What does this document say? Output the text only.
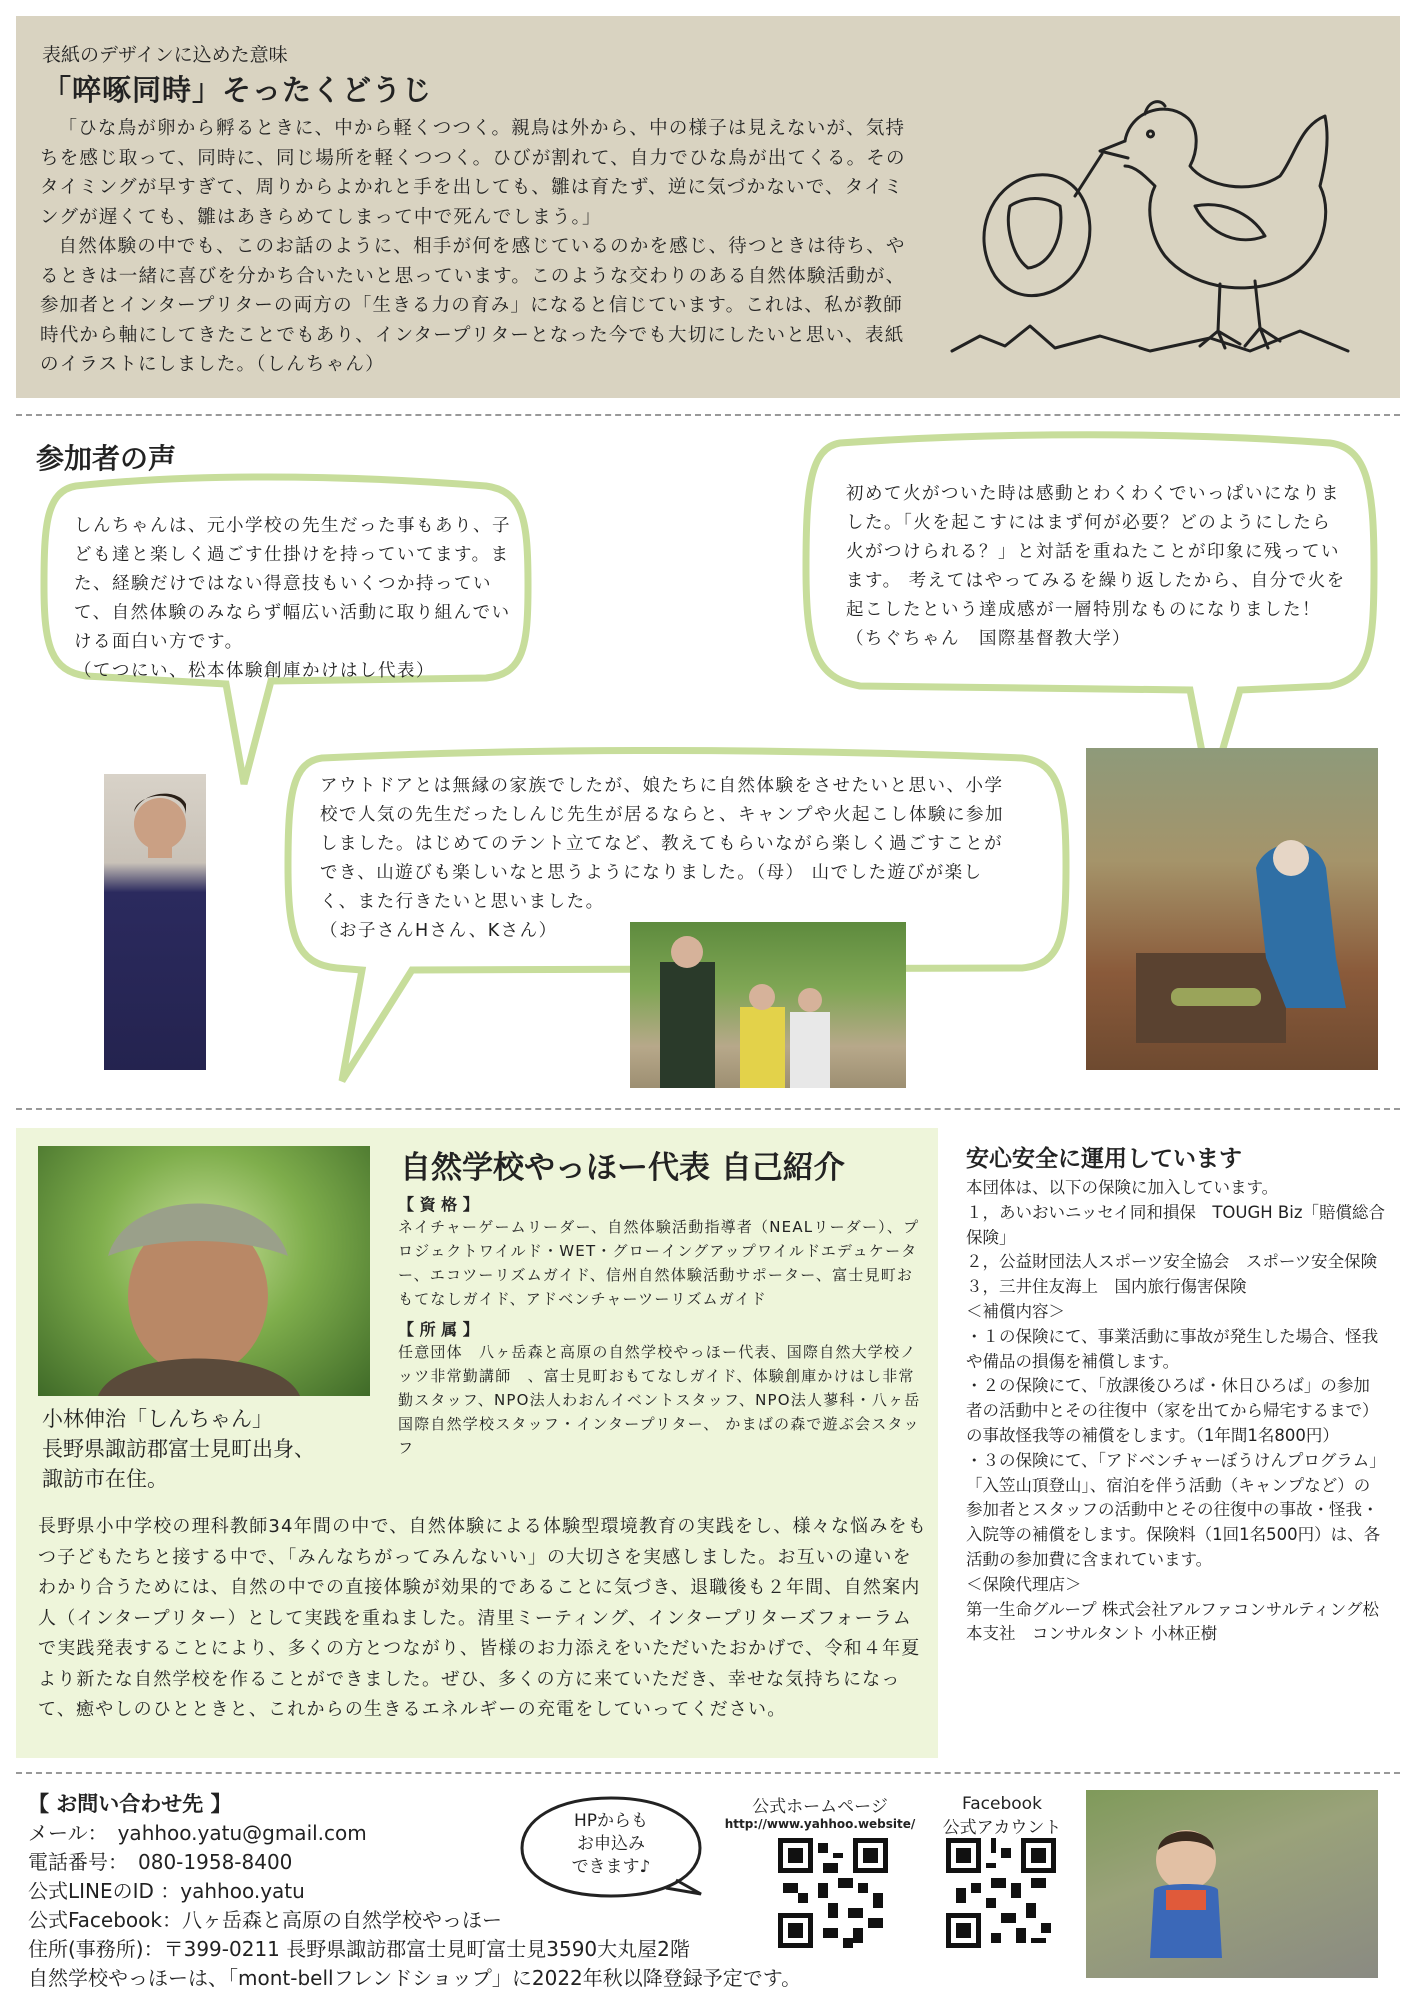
表紙のデザインに込めた意味
「啐啄同時」そったくどうじ

「ひな鳥が卵から孵るときに、中から軽くつつく。親鳥は外から、中の様子は見えないが、気持ちを感じ取って、同時に、同じ場所を軽くつつく。ひびが割れて、自力でひな鳥が出てくる。そのタイミングが早すぎて、周りからよかれと手を出しても、雛は育たず、逆に気づかないで、タイミングが遅くても、雛はあきらめてしまって中で死んでしまう。」

自然体験の中でも、このお話のように、相手が何を感じているのかを感じ、待つときは待ち、やるときは一緒に喜びを分かち合いたいと思っています。このような交わりのある自然体験活動が、参加者とインタープリターの両方の「生きる力の育み」になると信じています。これは、私が教師時代から軸にしてきたことでもあり、インタープリターとなった今でも大切にしたいと思い、表紙のイラストにしました。（しんちゃん）

参加者の声
しんちゃんは、元小学校の先生だった事もあり、子ども達と楽しく過ごす仕掛けを持っていてます。また、経験だけではない得意技もいくつか持っていて、自然体験のみならず幅広い活動に取り組んでいける面白い方です。
（てつにい、松本体験創庫かけはし代表）
初めて火がついた時は感動とわくわくでいっぱいになりました。「火を起こすにはまず何が必要？どのようにしたら火がつけられる？」と対話を重ねたことが印象に残っています。 考えてはやってみるを繰り返したから、自分で火を起こしたという達成感が一層特別なものになりました！
（ちぐちゃん　国際基督教大学）
アウトドアとは無縁の家族でしたが、娘たちに自然体験をさせたいと思い、小学校で人気の先生だったしんじ先生が居るならと、キャンプや火起こし体験に参加しました。はじめてのテント立てなど、教えてもらいながら楽しく過ごすことができ、山遊びも楽しいなと思うようになりました。（母） 山でした遊びが楽しく、また行きたいと思いました。
（お子さんHさん、Kさん）
自然学校やっほー代表 自己紹介
【 資 格 】
ネイチャーゲームリーダー、自然体験活動指導者（NEALリーダー）、プロジェクトワイルド・WET・グローイングアップワイルドエデュケーター、エコツーリズムガイド、信州自然体験活動サポーター、富士見町おもてなしガイド、アドベンチャーツーリズムガイド
【 所 属 】
任意団体　八ヶ岳森と高原の自然学校やっほー代表、国際自然大学校ノッツ非常勤講師　、富士見町おもてなしガイド、体験創庫かけはし非常勤スタッフ、NPO法人わおんイベントスタッフ、NPO法人蓼科・八ヶ岳国際自然学校スタッフ・インタープリター、 かまばの森で遊ぶ会スタッフ
小林伸治「しんちゃん」
長野県諏訪郡富士見町出身、
諏訪市在住。
長野県小中学校の理科教師34年間の中で、自然体験による体験型環境教育の実践をし、様々な悩みをもつ子どもたちと接する中で、「みんなちがってみんないい」の大切さを実感しました。お互いの違いをわかり合うためには、自然の中での直接体験が効果的であることに気づき、退職後も２年間、自然案内人（インタープリター）として実践を重ねました。清里ミーティング、インタープリターズフォーラムで実践発表することにより、多くの方とつながり、皆様のお力添えをいただいたおかげで、令和４年夏より新たな自然学校を作ることができました。ぜひ、多くの方に来ていただき、幸せな気持ちになって、癒やしのひとときと、これからの生きるエネルギーの充電をしていってください。
安心安全に運用しています
本団体は、以下の保険に加入しています。
１，あいおいニッセイ同和損保　TOUGH Biz「賠償総合保険」
２，公益財団法人スポーツ安全協会　スポーツ安全保険
３，三井住友海上　国内旅行傷害保険
＜補償内容＞
・１の保険にて、事業活動に事故が発生した場合、怪我や備品の損傷を補償します。
・２の保険にて、「放課後ひろば・休日ひろば」の参加者の活動中とその往復中（家を出てから帰宅するまで）の事故怪我等の補償をします。（1年間1名800円）
・３の保険にて、「アドベンチャーぼうけんプログラム」「入笠山頂登山」、宿泊を伴う活動（キャンプなど）の参加者とスタッフの活動中とその往復中の事故・怪我・入院等の補償をします。保険料（1回1名500円）は、各活動の参加費に含まれています。
＜保険代理店＞
第一生命グループ 株式会社アルファコンサルティング松本支社　コンサルタント 小林正樹
【 お問い合わせ先 】
メール：　yahhoo.yatu@gmail.com
電話番号：　080-1958-8400
公式LINEのID ：yahhoo.yatu
公式Facebook：八ヶ岳森と高原の自然学校やっほー
住所(事務所)：〒399-0211 長野県諏訪郡富士見町富士見3590大丸屋2階
自然学校やっほーは、「mont-bellフレンドショップ」に2022年秋以降登録予定です。
HPからも
お申込み
できます♪
公式ホームページ
http://www.yahhoo.website/
Facebook
公式アカウント
